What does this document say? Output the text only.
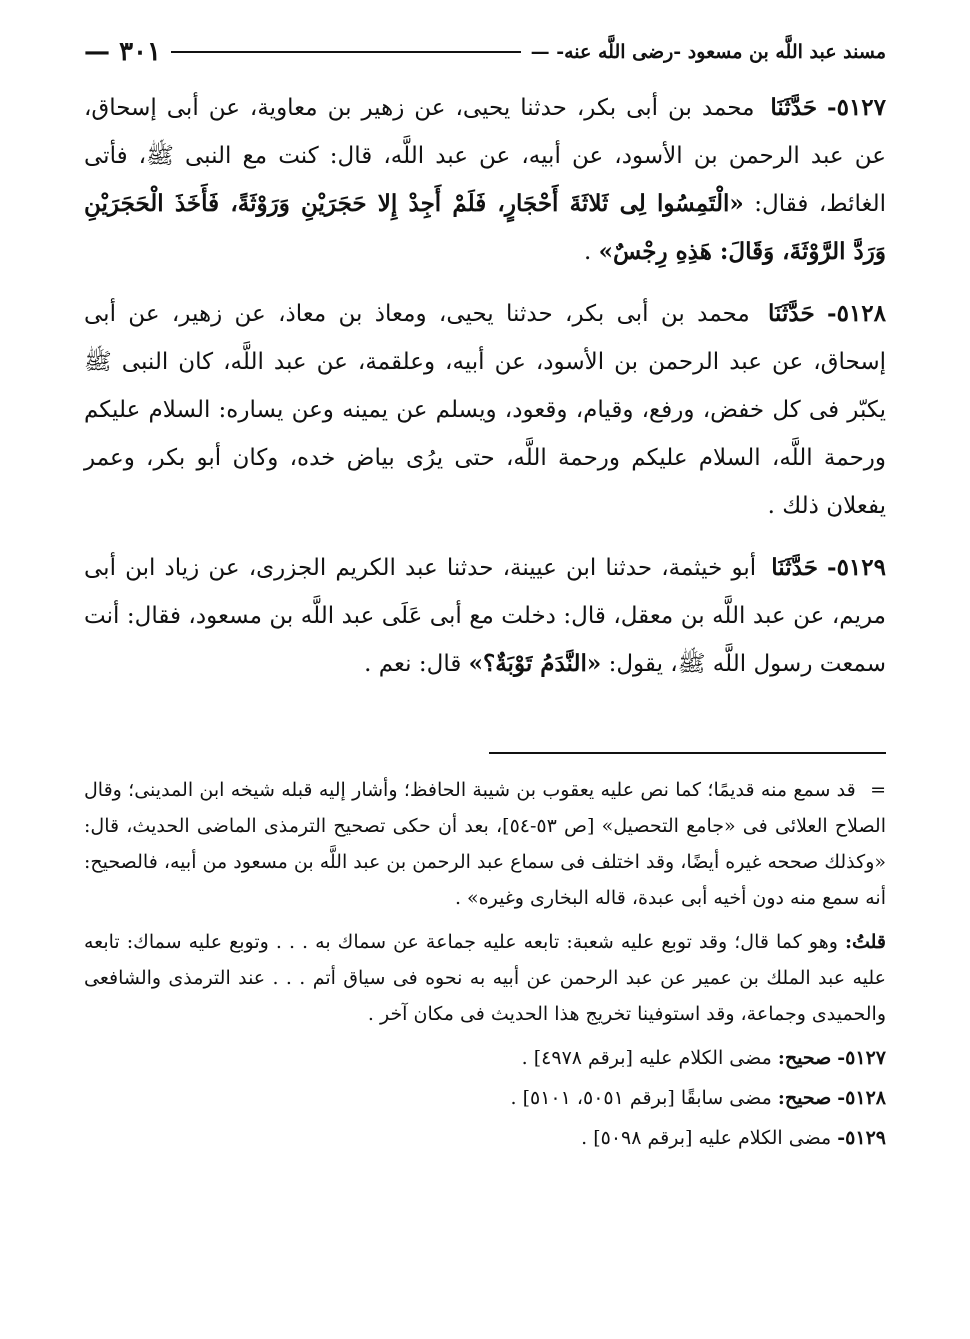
— ٣٠١	مسند عبد اللَّه بن مسعود -رضى اللَّه عنه- —

٥١٢٧- حَدَّثَنَا محمد بن أبى بكر، حدثنا يحيى، عن زهير بن معاوية، عن أبى إسحاق، عن عبد الرحمن بن الأسود، عن أبيه، عن عبد اللَّه، قال: كنت مع النبى ﷺ، فأتى الغائط، فقال: «الْتَمِسُوا لِى ثَلاثَةَ أَحْجَارٍ، فَلَمْ أَجِدْ إِلا حَجَرَيْنِ وَرَوْثَةً، فَأَخَذَ الْحَجَرَيْنِ وَرَدَّ الرَّوْثَةَ، وَقَالَ: هَذِهِ رِجْسٌ» .

٥١٢٨- حَدَّثَنَا محمد بن أبى بكر، حدثنا يحيى، ومعاذ بن معاذ، عن زهير، عن أبى إسحاق، عن عبد الرحمن بن الأسود، عن أبيه، وعلقمة، عن عبد اللَّه، كان النبى ﷺ يكبّر فى كل خفض، ورفع، وقيام، وقعود، ويسلم عن يمينه وعن يساره: السلام عليكم ورحمة اللَّه، السلام عليكم ورحمة اللَّه، حتى يرُى بياض خده، وكان أبو بكر، وعمر يفعلان ذلك .

٥١٢٩- حَدَّثَنَا أبو خيثمة، حدثنا ابن عيينة، حدثنا عبد الكريم الجزرى، عن زياد ابن أبى مريم، عن عبد اللَّه بن معقل، قال: دخلت مع أبى عَلَى عبد اللَّه بن مسعود، فقال: أنت سمعت رسول اللَّه ﷺ، يقول: «النَّدَمُ تَوْبَةٌ؟» قال: نعم .

= قد سمع منه قديمًا؛ كما نص عليه يعقوب بن شيبة الحافظ؛ وأشار إليه قبله شيخه ابن المدينى؛ وقال الصلاح العلائى فى «جامع التحصيل» [ص ٥٣-٥٤]، بعد أن حكى تصحيح الترمذى الماضى الحديث، قال: «وكذلك صححه غيره أيضًا، وقد اختلف فى سماع عبد الرحمن بن عبد اللَّه بن مسعود من أبيه، فالصحيح: أنه سمع منه دون أخيه أبى عبدة، قاله البخارى وغيره» .

قلتُ: وهو كما قال؛ وقد توبع عليه شعبة: تابعه عليه جماعة عن سماك به . . . وتوبع عليه سماك: تابعه عليه عبد الملك بن عمير عن عبد الرحمن عن أبيه به نحوه فى سياق أتم . . . عند الترمذى والشافعى والحميدى وجماعة، وقد استوفينا تخريج هذا الحديث فى مكان آخر .

٥١٢٧- صحيح: مضى الكلام عليه [برقم ٤٩٧٨] .

٥١٢٨- صحيح: مضى سابقًا [برقم ٥٠٥١، ٥١٠١] .

٥١٢٩- مضى الكلام عليه [برقم ٥٠٩٨] .
